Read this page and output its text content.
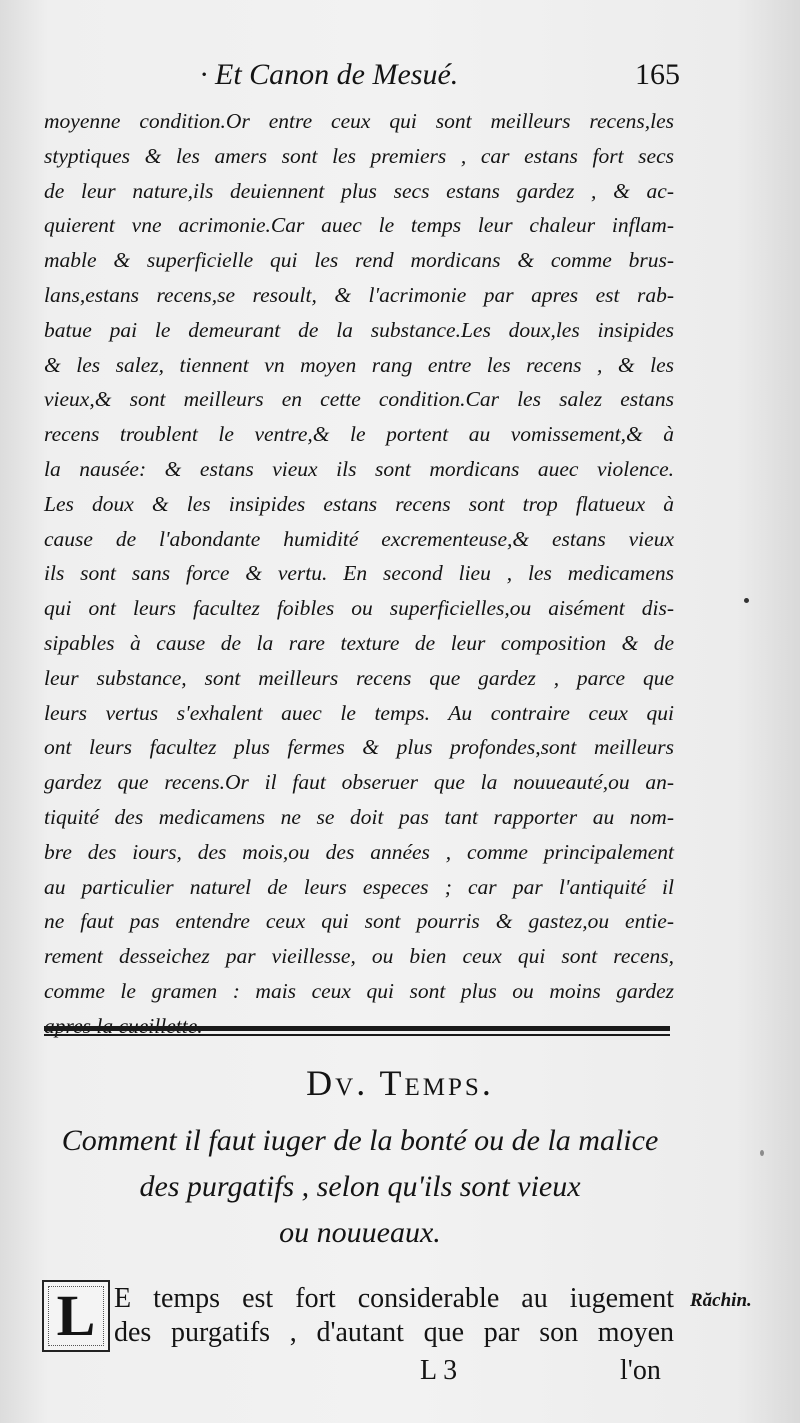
· Et Canon de Mesué.	165
moyenne condition.Or entre ceux qui sont meilleurs recens,les
styptiques & les amers sont les premiers , car estans fort secs
de leur nature,ils deuiennent plus secs estans gardez , & ac-
quierent vne acrimonie.Car auec le temps leur chaleur inflam-
mable & superficielle qui les rend mordicans & comme brus-
lans,estans recens,se resoult, & l'acrimonie par apres est rab-
batue pai le demeurant de la substance.Les doux,les insipides
& les salez, tiennent vn moyen rang entre les recens , & les
vieux,& sont meilleurs en cette condition.Car les salez estans
recens troublent le ventre,& le portent au vomissement,& à
la nausée: & estans vieux ils sont mordicans auec violence.
Les doux & les insipides estans recens sont trop flatueux à
cause de l'abondante humidité excrementeuse,& estans vieux
ils sont sans force & vertu. En second lieu , les medicamens
qui ont leurs facultez foibles ou superficielles,ou aisément dis-
sipables à cause de la rare texture de leur composition & de
leur substance, sont meilleurs recens que gardez , parce que
leurs vertus s'exhalent auec le temps. Au contraire ceux qui
ont leurs facultez plus fermes & plus profondes,sont meilleurs
gardez que recens.Or il faut obseruer que la nouueauté,ou an-
tiquité des medicamens ne se doit pas tant rapporter au nom-
bre des iours, des mois,ou des années , comme principalement
au particulier naturel de leurs especes ; car par l'antiquité il
ne faut pas entendre ceux qui sont pourris & gastez,ou entie-
rement desseichez par vieillesse, ou bien ceux qui sont recens,
comme le gramen : mais ceux qui sont plus ou moins gardez
Dv. Temps.
Comment il faut iuger de la bonté ou de la malice
des purgatifs , selon qu'ils sont vieux
ou nouueaux.
L E temps est fort considerable au iugement
des purgatifs , d'autant que par son moyen
Răchin.
L 3	l'on
